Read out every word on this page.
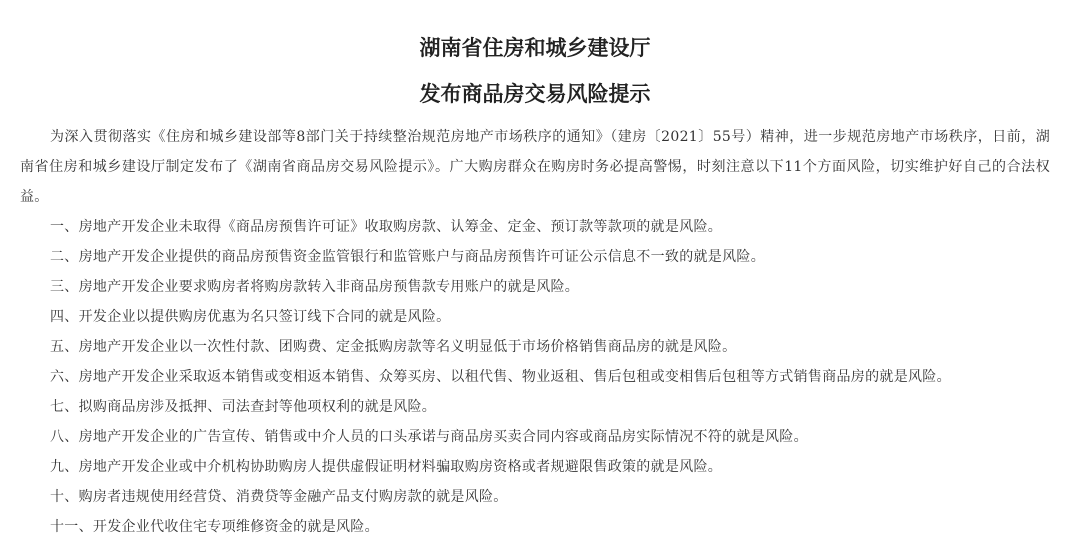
湖南省住房和城乡建设厅
发布商品房交易风险提示

为深入贯彻落实《住房和城乡建设部等8部门关于持续整治规范房地产市场秩序的通知》（建房〔2021〕55号）精神，进一步规范房地产市场秩序，日前，湖南省住房和城乡建设厅制定发布了《湖南省商品房交易风险提示》。广大购房群众在购房时务必提高警惕，时刻注意以下11个方面风险，切实维护好自己的合法权益。

一、房地产开发企业未取得《商品房预售许可证》收取购房款、认筹金、定金、预订款等款项的就是风险。
二、房地产开发企业提供的商品房预售资金监管银行和监管账户与商品房预售许可证公示信息不一致的就是风险。
三、房地产开发企业要求购房者将购房款转入非商品房预售款专用账户的就是风险。
四、开发企业以提供购房优惠为名只签订线下合同的就是风险。
五、房地产开发企业以一次性付款、团购费、定金抵购房款等名义明显低于市场价格销售商品房的就是风险。
六、房地产开发企业采取返本销售或变相返本销售、众筹买房、以租代售、物业返租、售后包租或变相售后包租等方式销售商品房的就是风险。
七、拟购商品房涉及抵押、司法查封等他项权利的就是风险。
八、房地产开发企业的广告宣传、销售或中介人员的口头承诺与商品房买卖合同内容或商品房实际情况不符的就是风险。
九、房地产开发企业或中介机构协助购房人提供虚假证明材料骗取购房资格或者规避限售政策的就是风险。
十、购房者违规使用经营贷、消费贷等金融产品支付购房款的就是风险。
十一、开发企业代收住宅专项维修资金的就是风险。
